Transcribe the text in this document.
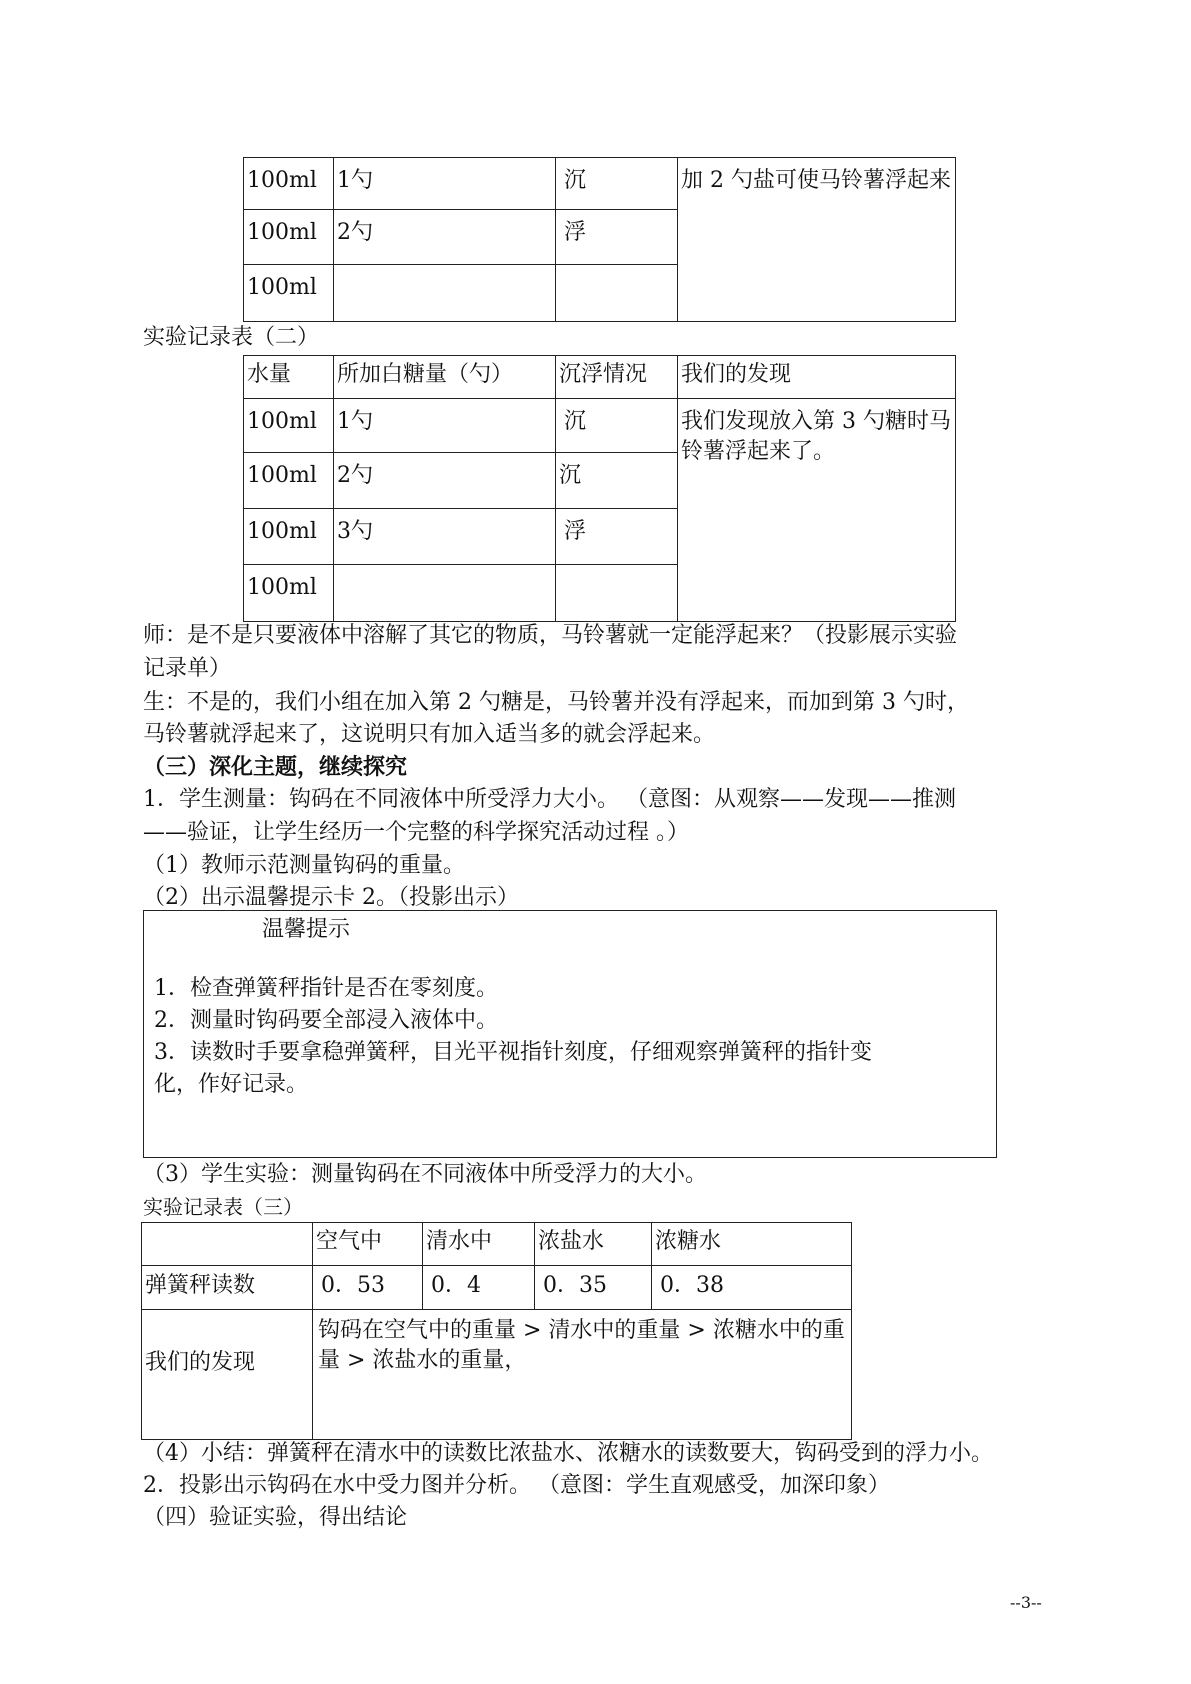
100ml	1勺	沉	加 2 勺盐可使马铃薯浮起来
100ml	2勺	浮	
100ml			
实验记录表（二）
水量	所加白糖量（勺）	沉浮情况	我们的发现
100ml	1勺	沉	我们发现放入第 3 勺糖时马铃薯浮起来了。
100ml	2勺	沉	
100ml	3勺	浮	
100ml			
师：是不是只要液体中溶解了其它的物质，马铃薯就一定能浮起来？（投影展示实验
记录单）
生：不是的，我们小组在加入第 2 勺糖是，马铃薯并没有浮起来，而加到第 3 勺时，
马铃薯就浮起来了，这说明只有加入适当多的就会浮起来。
（三）深化主题，继续探究
1．学生测量：钩码在不同液体中所受浮力大小。 （意图：从观察——发现——推测
——验证，让学生经历一个完整的科学探究活动过程 。）
（1）教师示范测量钩码的重量。
（2）出示温馨提示卡 2。（投影出示）
温馨提示
1．检查弹簧秤指针是否在零刻度。
2．测量时钩码要全部浸入液体中。
3．读数时手要拿稳弹簧秤，目光平视指针刻度，仔细观察弹簧秤的指针变
化，作好记录。
（3）学生实验：测量钩码在不同液体中所受浮力的大小。
实验记录表（三）
	空气中	清水中	浓盐水	浓糖水
弹簧秤读数	0．53	0．4	0．35	0．38
我们的发现	钩码在空气中的重量 > 清水中的重量 > 浓糖水中的重量 > 浓盐水的重量，			
（4）小结：弹簧秤在清水中的读数比浓盐水、浓糖水的读数要大，钩码受到的浮力小。
2．投影出示钩码在水中受力图并分析。 （意图：学生直观感受，加深印象）
（四）验证实验，得出结论
--3--
